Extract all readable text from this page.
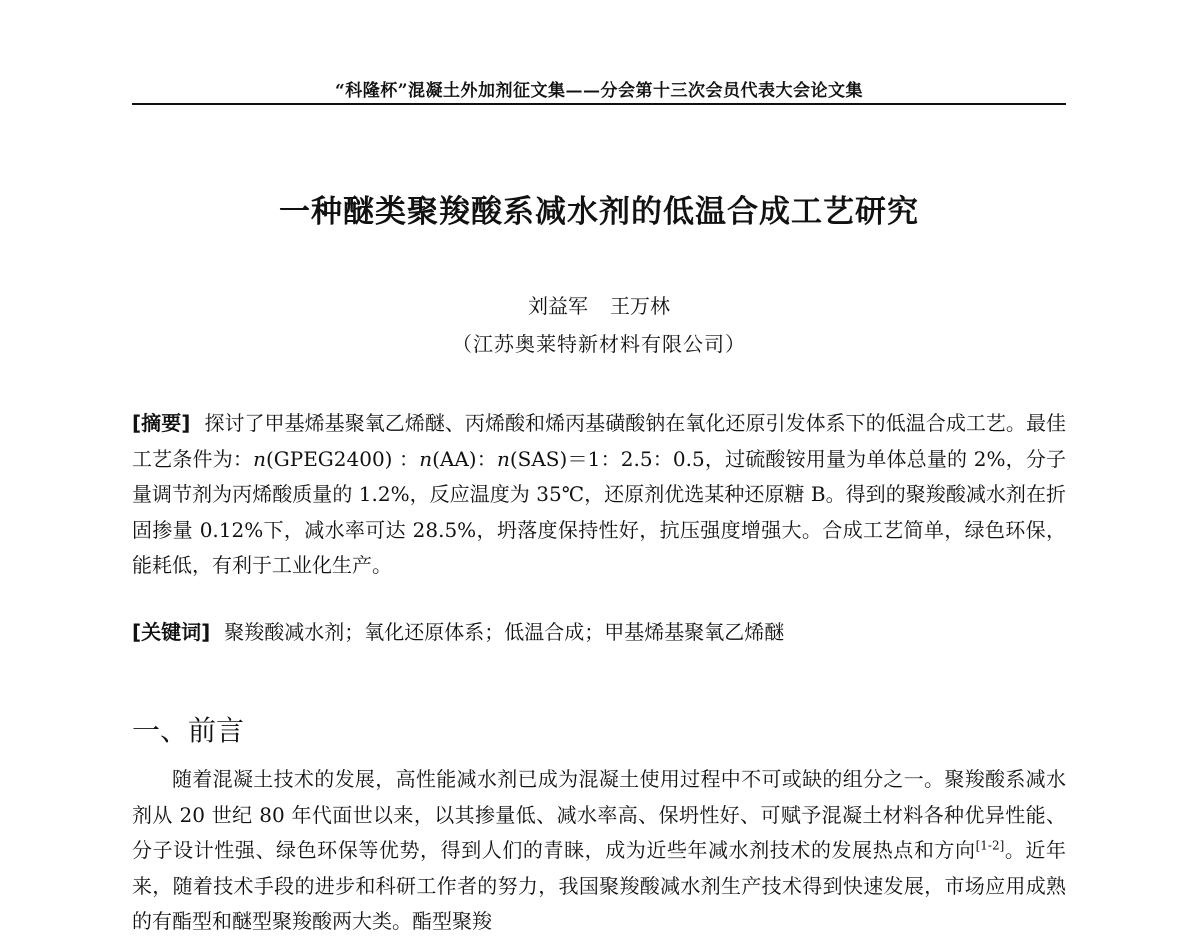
“科隆杯”混凝土外加剂征文集——分会第十三次会员代表大会论文集
一种醚类聚羧酸系减水剂的低温合成工艺研究
刘益军 王万林
（江苏奥莱特新材料有限公司）

[摘要] 探讨了甲基烯基聚氧乙烯醚、丙烯酸和烯丙基磺酸钠在氧化还原引发体系下的低温合成工艺。最佳工艺条件为：n(GPEG2400) ：n(AA)：n(SAS)＝1：2.5：0.5，过硫酸铵用量为单体总量的 2%，分子量调节剂为丙烯酸质量的 1.2%，反应温度为 35℃，还原剂优选某种还原糖 B。得到的聚羧酸减水剂在折固掺量 0.12%下，减水率可达 28.5%，坍落度保持性好，抗压强度增强大。合成工艺简单，绿色环保，能耗低，有利于工业化生产。

[关键词] 聚羧酸减水剂；氧化还原体系；低温合成；甲基烯基聚氧乙烯醚

一、前言

随着混凝土技术的发展，高性能减水剂已成为混凝土使用过程中不可或缺的组分之一。聚羧酸系减水剂从 20 世纪 80 年代面世以来，以其掺量低、减水率高、保坍性好、可赋予混凝土材料各种优异性能、分子设计性强、绿色环保等优势，得到人们的青睐，成为近些年减水剂技术的发展热点和方向[1-2]。近年来，随着技术手段的进步和科研工作者的努力，我国聚羧酸减水剂生产技术得到快速发展，市场应用成熟的有酯型和醚型聚羧酸两大类。酯型聚羧
